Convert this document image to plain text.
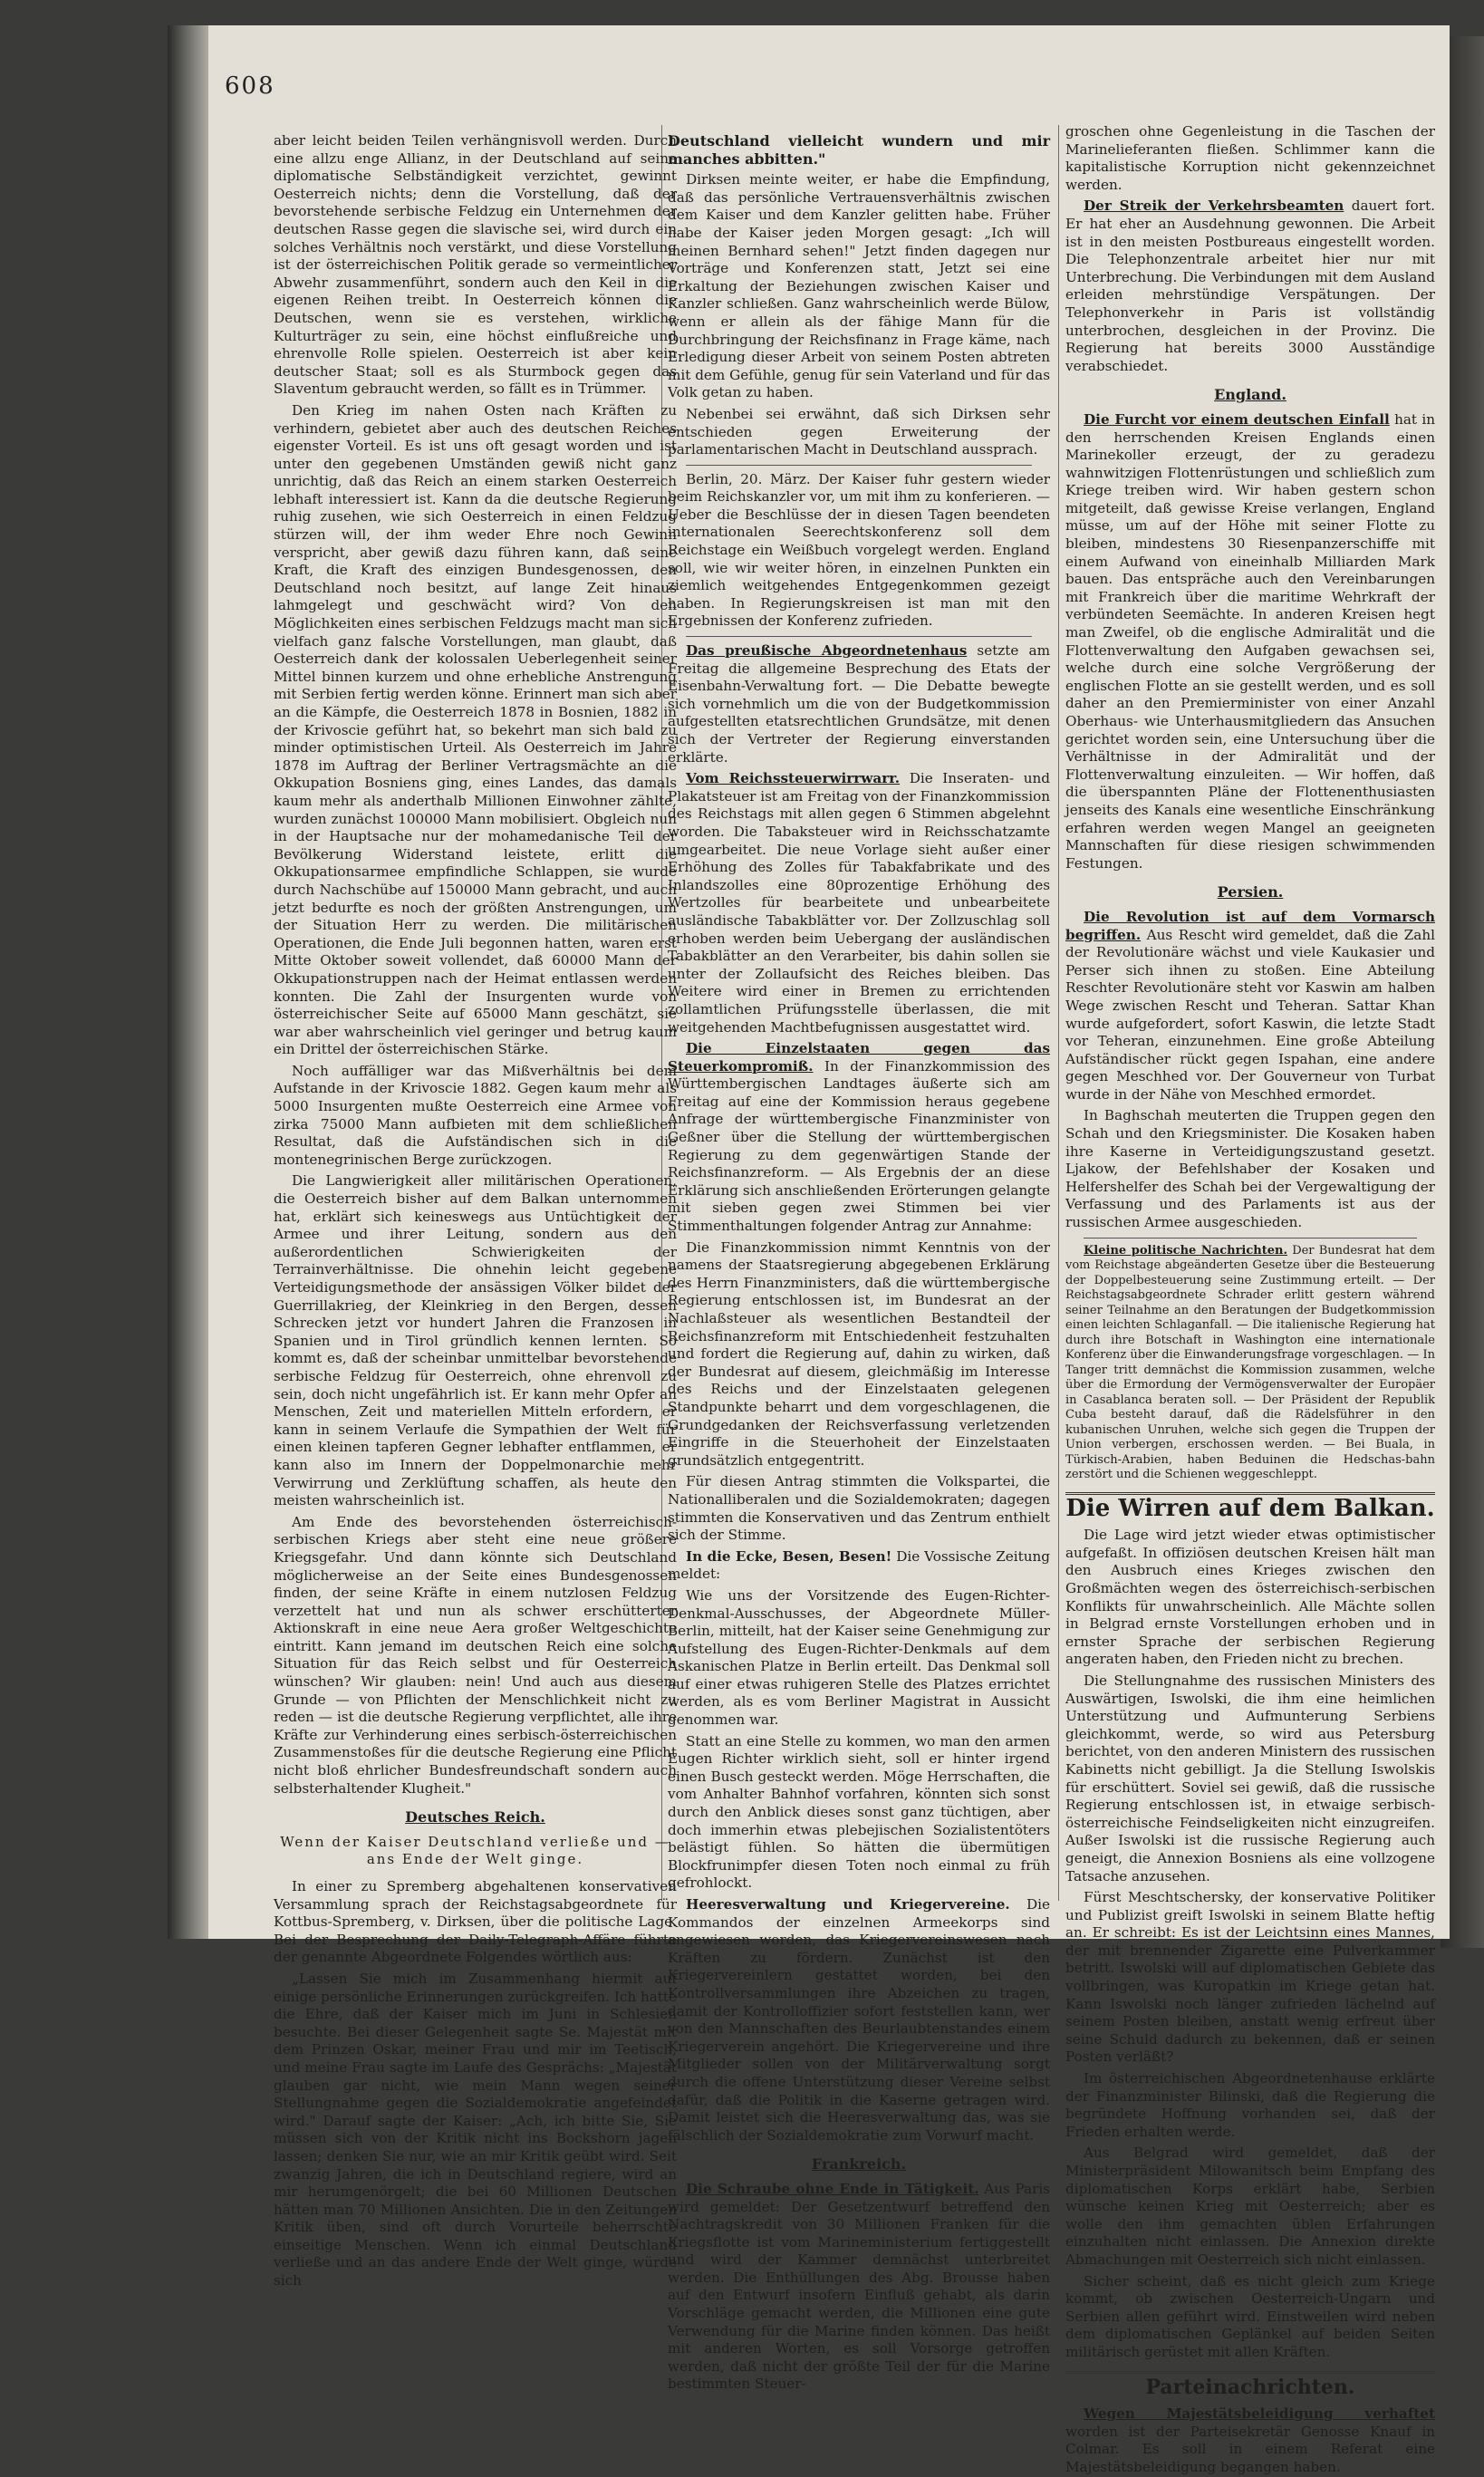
608

aber leicht beiden Teilen verhängnisvoll werden. Durch eine allzu enge Allianz, in der Deutschland auf seine diplomatische Selbständigkeit verzichtet, gewinnt Oesterreich nichts; denn die Vorstellung, daß der bevorstehende serbische Feldzug ein Unternehmen der deutschen Rasse gegen die slavische sei, wird durch ein solches Verhältnis noch verstärkt, und diese Vorstellung ist der österreichischen Politik gerade so vermeintlicher Abwehr zusammenführt, sondern auch den Keil in die eigenen Reihen treibt. In Oesterreich können die Deutschen, wenn sie es verstehen, wirkliche Kulturträger zu sein, eine höchst einflußreiche und ehrenvolle Rolle spielen. Oesterreich ist aber kein deutscher Staat; soll es als Sturmbock gegen das Slaventum gebraucht werden, so fällt es in Trümmer.

Den Krieg im nahen Osten nach Kräften zu verhindern, gebietet aber auch des deutschen Reiches eigenster Vorteil. Es ist uns oft gesagt worden und ist unter den gegebenen Umständen gewiß nicht ganz unrichtig, daß das Reich an einem starken Oesterreich lebhaft interessiert ist. Kann da die deutsche Regierung ruhig zusehen, wie sich Oesterreich in einen Feldzug stürzen will, der ihm weder Ehre noch Gewinn verspricht, aber gewiß dazu führen kann, daß seine Kraft, die Kraft des einzigen Bundesgenossen, den Deutschland noch besitzt, auf lange Zeit hinaus lahmgelegt und geschwächt wird? Von den Möglichkeiten eines serbischen Feldzugs macht man sich vielfach ganz falsche Vorstellungen, man glaubt, daß Oesterreich dank der kolossalen Ueberlegenheit seiner Mittel binnen kurzem und ohne erhebliche Anstrengung mit Serbien fertig werden könne. Erinnert man sich aber an die Kämpfe, die Oesterreich 1878 in Bosnien, 1882 in der Krivoscie geführt hat, so bekehrt man sich bald zu minder optimistischen Urteil. Als Oesterreich im Jahre 1878 im Auftrag der Berliner Vertragsmächte an die Okkupation Bosniens ging, eines Landes, das damals kaum mehr als anderthalb Millionen Einwohner zählte, wurden zunächst 100000 Mann mobilisiert. Obgleich nun in der Hauptsache nur der mohamedanische Teil der Bevölkerung Widerstand leistete, erlitt die Okkupationsarmee empfindliche Schlappen, sie wurde durch Nachschübe auf 150000 Mann gebracht, und auch jetzt bedurfte es noch der größten Anstrengungen, um der Situation Herr zu werden. Die militärischen Operationen, die Ende Juli begonnen hatten, waren erst Mitte Oktober soweit vollendet, daß 60000 Mann der Okkupationstruppen nach der Heimat entlassen werden konnten. Die Zahl der Insurgenten wurde von österreichischer Seite auf 65000 Mann geschätzt, sie war aber wahrscheinlich viel geringer und betrug kaum ein Drittel der österreichischen Stärke.

Noch auffälliger war das Mißverhältnis bei dem Aufstande in der Krivoscie 1882. Gegen kaum mehr als 5000 Insurgenten mußte Oesterreich eine Armee von zirka 75000 Mann aufbieten mit dem schließlichen Resultat, daß die Aufständischen sich in die montenegrinischen Berge zurückzogen.

Die Langwierigkeit aller militärischen Operationen, die Oesterreich bisher auf dem Balkan unternommen hat, erklärt sich keineswegs aus Untüchtigkeit der Armee und ihrer Leitung, sondern aus den außerordentlichen Schwierigkeiten der Terrainverhältnisse. Die ohnehin leicht gegebene Verteidigungsmethode der ansässigen Völker bildet der Guerrillakrieg, der Kleinkrieg in den Bergen, dessen Schrecken jetzt vor hundert Jahren die Franzosen in Spanien und in Tirol gründlich kennen lernten. So kommt es, daß der scheinbar unmittelbar bevorstehende serbische Feldzug für Oesterreich, ohne ehrenvoll zu sein, doch nicht ungefährlich ist. Er kann mehr Opfer an Menschen, Zeit und materiellen Mitteln erfordern, er kann in seinem Verlaufe die Sympathien der Welt für einen kleinen tapferen Gegner lebhafter entflammen, er kann also im Innern der Doppelmonarchie mehr Verwirrung und Zerklüftung schaffen, als heute den meisten wahrscheinlich ist.

Am Ende des bevorstehenden österreichisch-serbischen Kriegs aber steht eine neue größere Kriegsgefahr. Und dann könnte sich Deutschland möglicherweise an der Seite eines Bundesgenossen finden, der seine Kräfte in einem nutzlosen Feldzug verzettelt hat und nun als schwer erschütterter Aktionskraft in eine neue Aera großer Weltgeschichte eintritt. Kann jemand im deutschen Reich eine solche Situation für das Reich selbst und für Oesterreich wünschen? Wir glauben: nein! Und auch aus diesem Grunde — von Pflichten der Menschlichkeit nicht zu reden — ist die deutsche Regierung verpflichtet, alle ihre Kräfte zur Verhinderung eines serbisch-österreichischen Zusammenstoßes für die deutsche Regierung eine Pflicht nicht bloß ehrlicher Bundesfreundschaft sondern auch selbsterhaltender Klugheit."

Deutsches Reich.
Wenn der Kaiser Deutschland verließe und — ans Ende der Welt ginge.

In einer zu Spremberg abgehaltenen konservativen Versammlung sprach der Reichstagsabgeordnete für Kottbus-Spremberg, v. Dirksen, über die politische Lage. Bei der Besprechung der Daily-Telegraph-Affäre führte der genannte Abgeordnete Folgendes wörtlich aus:

„Lassen Sie mich im Zusammenhang hiermit auf einige persönliche Erinnerungen zurückgreifen. Ich hatte die Ehre, daß der Kaiser mich im Juni in Schlesien besuchte. Bei dieser Gelegenheit sagte Se. Majestät mit dem Prinzen Oskar, meiner Frau und mir im Teetisch, und meine Frau sagte im Laufe des Gesprächs: „Majestät glauben gar nicht, wie mein Mann wegen seiner Stellungnahme gegen die Sozialdemokratie angefeindet wird." Darauf sagte der Kaiser: „Ach, ich bitte Sie, Sie müssen sich von der Kritik nicht ins Bockshorn jagen lassen; denken Sie nur, wie an mir Kritik geübt wird. Seit zwanzig Jahren, die ich in Deutschland regiere, wird an mir herumgenörgelt; die bei 60 Millionen Deutschen hätten man 70 Millionen Ansichten. Die in den Zeitungen Kritik üben, sind oft durch Vorurteile beherrschte einseitige Menschen. Wenn ich einmal Deutschland verließe und an das andere Ende der Welt ginge, würde sich

Deutschland vielleicht wundern und mir manches abbitten."

Dirksen meinte weiter, er habe die Empfindung, daß das persönliche Vertrauensverhältnis zwischen dem Kaiser und dem Kanzler gelitten habe. Früher habe der Kaiser jeden Morgen gesagt: „Ich will meinen Bernhard sehen!" Jetzt finden dagegen nur Vorträge und Konferenzen statt, Jetzt sei eine Erkaltung der Beziehungen zwischen Kaiser und Kanzler schließen. Ganz wahrscheinlich werde Bülow, wenn er allein als der fähige Mann für die Durchbringung der Reichsfinanz in Frage käme, nach Erledigung dieser Arbeit von seinem Posten abtreten mit dem Gefühle, genug für sein Vaterland und für das Volk getan zu haben.

Nebenbei sei erwähnt, daß sich Dirksen sehr entschieden gegen Erweiterung der parlamentarischen Macht in Deutschland aussprach.

Berlin, 20. März. Der Kaiser fuhr gestern wieder beim Reichskanzler vor, um mit ihm zu konferieren. — Ueber die Beschlüsse der in diesen Tagen beendeten internationalen Seerechtskonferenz soll dem Reichstage ein Weißbuch vorgelegt werden. England soll, wie wir weiter hören, in einzelnen Punkten ein ziemlich weitgehendes Entgegenkommen gezeigt haben. In Regierungskreisen ist man mit den Ergebnissen der Konferenz zufrieden.

Das preußische Abgeordnetenhaus setzte am Freitag die allgemeine Besprechung des Etats der Eisenbahn-Verwaltung fort. — Die Debatte bewegte sich vornehmlich um die von der Budgetkommission aufgestellten etatsrechtlichen Grundsätze, mit denen sich der Vertreter der Regierung einverstanden erklärte.

Vom Reichssteuerwirrwarr. Die Inseraten- und Plakatsteuer ist am Freitag von der Finanzkommission des Reichstags mit allen gegen 6 Stimmen abgelehnt worden. Die Tabaksteuer wird in Reichsschatzamte umgearbeitet. Die neue Vorlage sieht außer einer Erhöhung des Zolles für Tabakfabrikate und des Inlandszolles eine 80prozentige Erhöhung des Wertzolles für bearbeitete und unbearbeitete ausländische Tabakblätter vor. Der Zollzuschlag soll erhoben werden beim Uebergang der ausländischen Tabakblätter an den Verarbeiter, bis dahin sollen sie unter der Zollaufsicht des Reiches bleiben. Das Weitere wird einer in Bremen zu errichtenden zollamtlichen Prüfungsstelle überlassen, die mit weitgehenden Machtbefugnissen ausgestattet wird.

Die Einzelstaaten gegen das Steuerkompromiß. In der Finanzkommission des Württembergischen Landtages äußerte sich am Freitag auf eine der Kommission heraus gegebene Anfrage der württembergische Finanzminister von Geßner über die Stellung der württembergischen Regierung zu dem gegenwärtigen Stande der Reichsfinanzreform. — Als Ergebnis der an diese Erklärung sich anschließenden Erörterungen gelangte mit sieben gegen zwei Stimmen bei vier Stimmenthaltungen folgender Antrag zur Annahme:

Die Finanzkommission nimmt Kenntnis von der namens der Staatsregierung abgegebenen Erklärung des Herrn Finanzministers, daß die württembergische Regierung entschlossen ist, im Bundesrat an der Nachlaßsteuer als wesentlichen Bestandteil der Reichsfinanzreform mit Entschiedenheit festzuhalten und fordert die Regierung auf, dahin zu wirken, daß der Bundesrat auf diesem, gleichmäßig im Interesse des Reichs und der Einzelstaaten gelegenen Standpunkte beharrt und dem vorgeschlagenen, die Grundgedanken der Reichsverfassung verletzenden Eingriffe in die Steuerhoheit der Einzelstaaten grundsätzlich entgegentritt.

Für diesen Antrag stimmten die Volkspartei, die Nationalliberalen und die Sozialdemokraten; dagegen stimmten die Konservativen und das Zentrum enthielt sich der Stimme.

In die Ecke, Besen, Besen! Die Vossische Zeitung meldet:

Wie uns der Vorsitzende des Eugen-Richter-Denkmal-Ausschusses, der Abgeordnete Müller-Berlin, mitteilt, hat der Kaiser seine Genehmigung zur Aufstellung des Eugen-Richter-Denkmals auf dem Askanischen Platze in Berlin erteilt. Das Denkmal soll auf einer etwas ruhigeren Stelle des Platzes errichtet werden, als es vom Berliner Magistrat in Aussicht genommen war.

Statt an eine Stelle zu kommen, wo man den armen Eugen Richter wirklich sieht, soll er hinter irgend einen Busch gesteckt werden. Möge Herrschaften, die vom Anhalter Bahnhof vorfahren, könnten sich sonst durch den Anblick dieses sonst ganz tüchtigen, aber doch immerhin etwas plebejischen Sozialistentöters belästigt fühlen. So hätten die übermütigen Blockfrunimpfer diesen Toten noch einmal zu früh gefrohlockt.

Heeresverwaltung und Kriegervereine. Die Kommandos der einzelnen Armeekorps sind angewiesen worden, das Kriegervereinswesen nach Kräften zu fördern. Zunächst ist den Kriegervereinlern gestattet worden, bei den Kontrollversammlungen ihre Abzeichen zu tragen, damit der Kontrolloffizier sofort feststellen kann, wer von den Mannschaften des Beurlaubtenstandes einem Kriegerverein angehört. Die Kriegervereine und ihre Mitglieder sollen von der Militärverwaltung sorgt durch die offene Unterstützung dieser Vereine selbst dafür, daß die Politik in die Kaserne getragen wird. Damit leistet sich die Heeresverwaltung das, was sie fälschlich der Sozialdemokratie zum Vorwurf macht.

Frankreich.

Die Schraube ohne Ende in Tätigkeit. Aus Paris wird gemeldet: Der Gesetzentwurf betreffend den Nachtragskredit von 30 Millionen Franken für die Kriegsflotte ist vom Marineministerium fertiggestellt und wird der Kammer demnächst unterbreitet werden. Die Enthüllungen des Abg. Brousse haben auf den Entwurf insofern Einfluß gehabt, als darin Vorschläge gemacht werden, die Millionen eine gute Verwendung für die Marine finden können. Das heißt mit anderen Worten, es soll Vorsorge getroffen werden, daß nicht der größte Teil der für die Marine bestimmten Steuer-

groschen ohne Gegenleistung in die Taschen der Marinelieferanten fließen. Schlimmer kann die kapitalistische Korruption nicht gekennzeichnet werden.

Der Streik der Verkehrsbeamten dauert fort. Er hat eher an Ausdehnung gewonnen. Die Arbeit ist in den meisten Postbureaus eingestellt worden. Die Telephonzentrale arbeitet hier nur mit Unterbrechung. Die Verbindungen mit dem Ausland erleiden mehrstündige Verspätungen. Der Telephonverkehr in Paris ist vollständig unterbrochen, desgleichen in der Provinz. Die Regierung hat bereits 3000 Ausständige verabschiedet.

England.

Die Furcht vor einem deutschen Einfall hat in den herrschenden Kreisen Englands einen Marinekoller erzeugt, der zu geradezu wahnwitzigen Flottenrüstungen und schließlich zum Kriege treiben wird. Wir haben gestern schon mitgeteilt, daß gewisse Kreise verlangen, England müsse, um auf der Höhe mit seiner Flotte zu bleiben, mindestens 30 Riesenpanzerschiffe mit einem Aufwand von eineinhalb Milliarden Mark bauen. Das entspräche auch den Vereinbarungen mit Frankreich über die maritime Wehrkraft der verbündeten Seemächte. In anderen Kreisen hegt man Zweifel, ob die englische Admiralität und die Flottenverwaltung den Aufgaben gewachsen sei, welche durch eine solche Vergrößerung der englischen Flotte an sie gestellt werden, und es soll daher an den Premierminister von einer Anzahl Oberhaus- wie Unterhausmitgliedern das Ansuchen gerichtet worden sein, eine Untersuchung über die Verhältnisse in der Admiralität und der Flottenverwaltung einzuleiten. — Wir hoffen, daß die überspannten Pläne der Flottenenthusiasten jenseits des Kanals eine wesentliche Einschränkung erfahren werden wegen Mangel an geeigneten Mannschaften für diese riesigen schwimmenden Festungen.

Persien.

Die Revolution ist auf dem Vormarsch begriffen. Aus Rescht wird gemeldet, daß die Zahl der Revolutionäre wächst und viele Kaukasier und Perser sich ihnen zu stoßen. Eine Abteilung Reschter Revolutionäre steht vor Kaswin am halben Wege zwischen Rescht und Teheran. Sattar Khan wurde aufgefordert, sofort Kaswin, die letzte Stadt vor Teheran, einzunehmen. Eine große Abteilung Aufständischer rückt gegen Ispahan, eine andere gegen Meschhed vor. Der Gouverneur von Turbat wurde in der Nähe von Meschhed ermordet.

In Baghschah meuterten die Truppen gegen den Schah und den Kriegsminister. Die Kosaken haben ihre Kaserne in Verteidigungszustand gesetzt. Ljakow, der Befehlshaber der Kosaken und Helfershelfer des Schah bei der Vergewaltigung der Verfassung und des Parlaments ist aus der russischen Armee ausgeschieden.

Kleine politische Nachrichten. Der Bundesrat hat dem vom Reichstage abgeänderten Gesetze über die Besteuerung der Doppelbesteuerung seine Zustimmung erteilt. — Der Reichstagsabgeordnete Schrader erlitt gestern während seiner Teilnahme an den Beratungen der Budgetkommission einen leichten Schlaganfall. — Die italienische Regierung hat durch ihre Botschaft in Washington eine internationale Konferenz über die Einwanderungsfrage vorgeschlagen. — In Tanger tritt demnächst die Kommission zusammen, welche über die Ermordung der Vermögensverwalter der Europäer in Casablanca beraten soll. — Der Präsident der Republik Cuba besteht darauf, daß die Rädelsführer in den kubanischen Unruhen, welche sich gegen die Truppen der Union verbergen, erschossen werden. — Bei Buala, in Türkisch-Arabien, haben Beduinen die Hedschas-bahn zerstört und die Schienen weggeschleppt.

Die Wirren auf dem Balkan.

Die Lage wird jetzt wieder etwas optimistischer aufgefaßt. In offiziösen deutschen Kreisen hält man den Ausbruch eines Krieges zwischen den Großmächten wegen des österreichisch-serbischen Konflikts für unwahrscheinlich. Alle Mächte sollen in Belgrad ernste Vorstellungen erhoben und in ernster Sprache der serbischen Regierung angeraten haben, den Frieden nicht zu brechen.

Die Stellungnahme des russischen Ministers des Auswärtigen, Iswolski, die ihm eine heimlichen Unterstützung und Aufmunterung Serbiens gleichkommt, werde, so wird aus Petersburg berichtet, von den anderen Ministern des russischen Kabinetts nicht gebilligt. Ja die Stellung Iswolskis für erschüttert. Soviel sei gewiß, daß die russische Regierung entschlossen ist, in etwaige serbisch-österreichische Feindseligkeiten nicht einzugreifen. Außer Iswolski ist die russische Regierung auch geneigt, die Annexion Bosniens als eine vollzogene Tatsache anzusehen.

Fürst Meschtschersky, der konservative Politiker und Publizist greift Iswolski in seinem Blatte heftig an. Er schreibt: Es ist der Leichtsinn eines Mannes, der mit brennender Zigarette eine Pulverkammer betritt. Iswolski will auf diplomatischen Gebiete das vollbringen, was Kuropatkin im Kriege getan hat. Kann Iswolski noch länger zufrieden lächelnd auf seinem Posten bleiben, anstatt wenig erfreut über seine Schuld dadurch zu bekennen, daß er seinen Posten verläßt?

Im österreichischen Abgeordnetenhause erklärte der Finanzminister Bilinski, daß die Regierung die begründete Hoffnung vorhanden sei, daß der Frieden erhalten werde.

Aus Belgrad wird gemeldet, daß der Ministerpräsident Milowanitsch beim Empfang des diplomatischen Korps erklärt habe, Serbien wünsche keinen Krieg mit Oesterreich; aber es wolle den ihm gemachten üblen Erfahrungen einzuhalten nicht einlassen. Die Annexion direkte Abmachungen mit Oesterreich sich nicht einlassen.

Sicher scheint, daß es nicht gleich zum Kriege kommt, ob zwischen Oesterreich-Ungarn und Serbien allen geführt wird. Einstweilen wird neben dem diplomatischen Geplänkel auf beiden Seiten militärisch gerüstet mit allen Kräften.

Parteinachrichten.

Wegen Majestätsbeleidigung verhaftet worden ist der Parteisekretär Genosse Knauf in Colmar. Es soll in einem Referat eine Majestätsbeleidigung begangen haben.
